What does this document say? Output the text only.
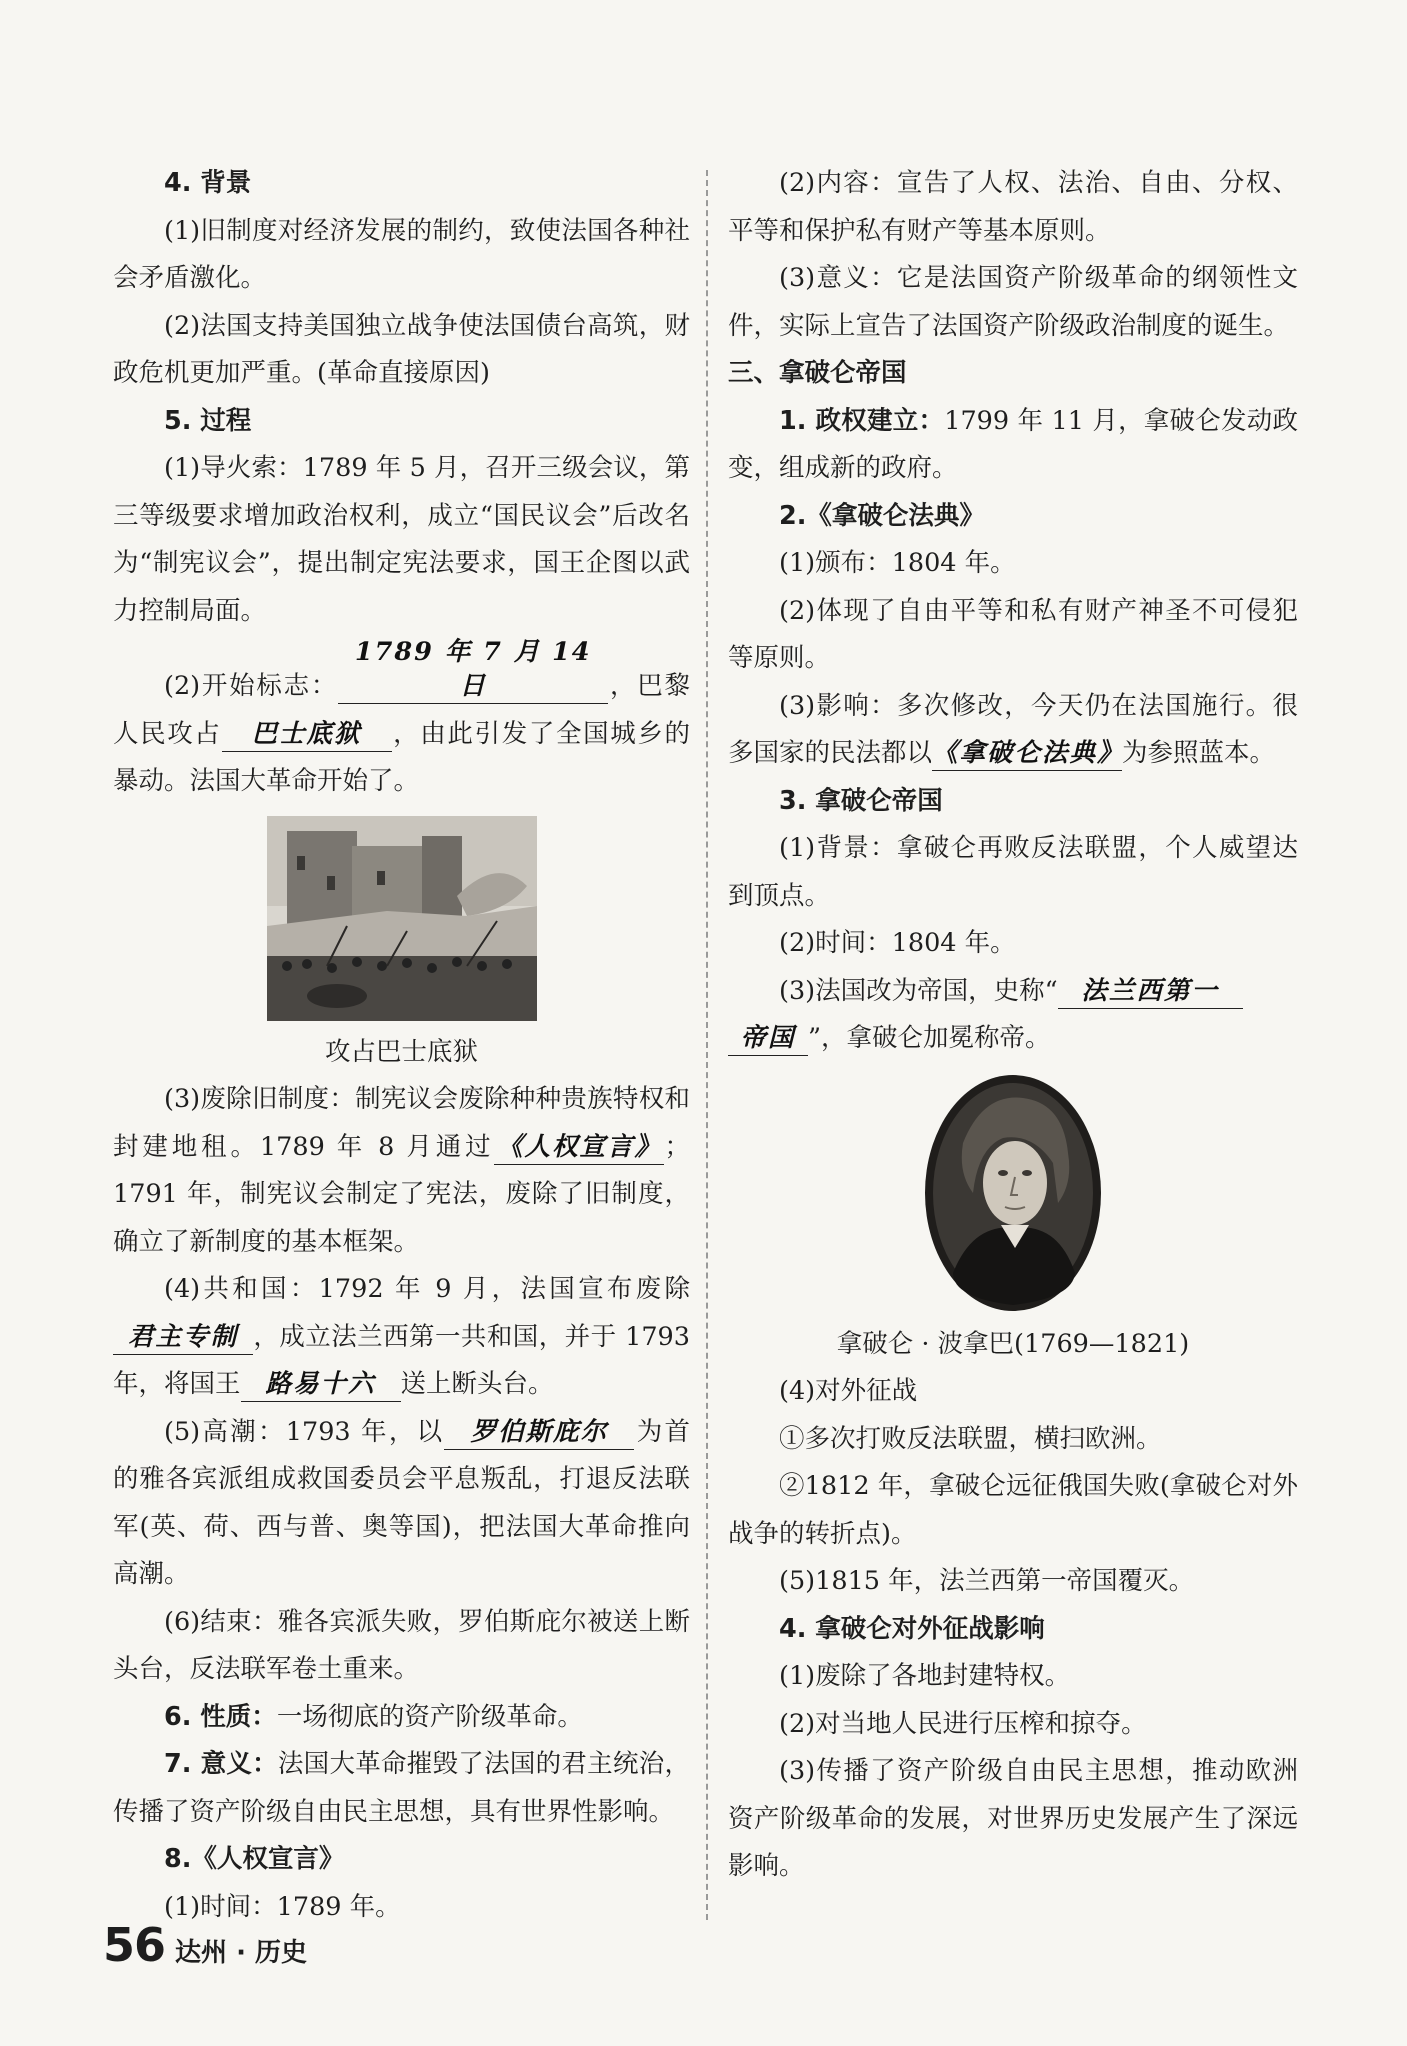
4. 背景

(1)旧制度对经济发展的制约，致使法国各种社会矛盾激化。

(2)法国支持美国独立战争使法国债台高筑，财政危机更加严重。(革命直接原因)

5. 过程

(1)导火索：1789 年 5 月，召开三级会议，第三等级要求增加政治权利，成立“国民议会”后改名为“制宪议会”，提出制定宪法要求，国王企图以武力控制局面。

(2)开始标志：1789 年 7 月 14 日	，巴黎人民攻占 巴士底狱 ，由此引发了全国城乡的暴动。法国大革命开始了。

攻占巴士底狱

(3)废除旧制度：制宪议会废除种种贵族特权和封建地租。1789 年 8 月通过《人权宣言》；1791 年，制宪议会制定了宪法，废除了旧制度，确立了新制度的基本框架。

(4)共和国：1792 年 9 月，法国宣布废除君主专制 ，成立法兰西第一共和国，并于 1793 年，将国王 路易十六 送上断头台。

(5)高潮：1793 年，以 罗伯斯庇尔 为首的雅各宾派组成救国委员会平息叛乱，打退反法联军(英、荷、西与普、奥等国)，把法国大革命推向高潮。

(6)结束：雅各宾派失败，罗伯斯庇尔被送上断头台，反法联军卷土重来。

6. 性质：一场彻底的资产阶级革命。

7. 意义：法国大革命摧毁了法国的君主统治，传播了资产阶级自由民主思想，具有世界性影响。

8.《人权宣言》

(1)时间：1789 年。

(2)内容：宣告了人权、法治、自由、分权、平等和保护私有财产等基本原则。

(3)意义：它是法国资产阶级革命的纲领性文件，实际上宣告了法国资产阶级政治制度的诞生。

三、拿破仑帝国

1. 政权建立：1799 年 11 月，拿破仑发动政变，组成新的政府。

2.《拿破仑法典》

(1)颁布：1804 年。

(2)体现了自由平等和私有财产神圣不可侵犯等原则。

(3)影响：多次修改，今天仍在法国施行。很多国家的民法都以《拿破仑法典》为参照蓝本。

3. 拿破仑帝国

(1)背景：拿破仑再败反法联盟，个人威望达到顶点。

(2)时间：1804 年。

(3)法国改为帝国，史称“ 法兰西第一
帝国 ”，拿破仑加冕称帝。

拿破仑 · 波拿巴(1769—1821)

(4)对外征战

①多次打败反法联盟，横扫欧洲。

②1812 年，拿破仑远征俄国失败(拿破仑对外战争的转折点)。

(5)1815 年，法兰西第一帝国覆灭。

4. 拿破仑对外征战影响

(1)废除了各地封建特权。

(2)对当地人民进行压榨和掠夺。

(3)传播了资产阶级自由民主思想，推动欧洲资产阶级革命的发展，对世界历史发展产生了深远影响。

56 达州 · 历史
